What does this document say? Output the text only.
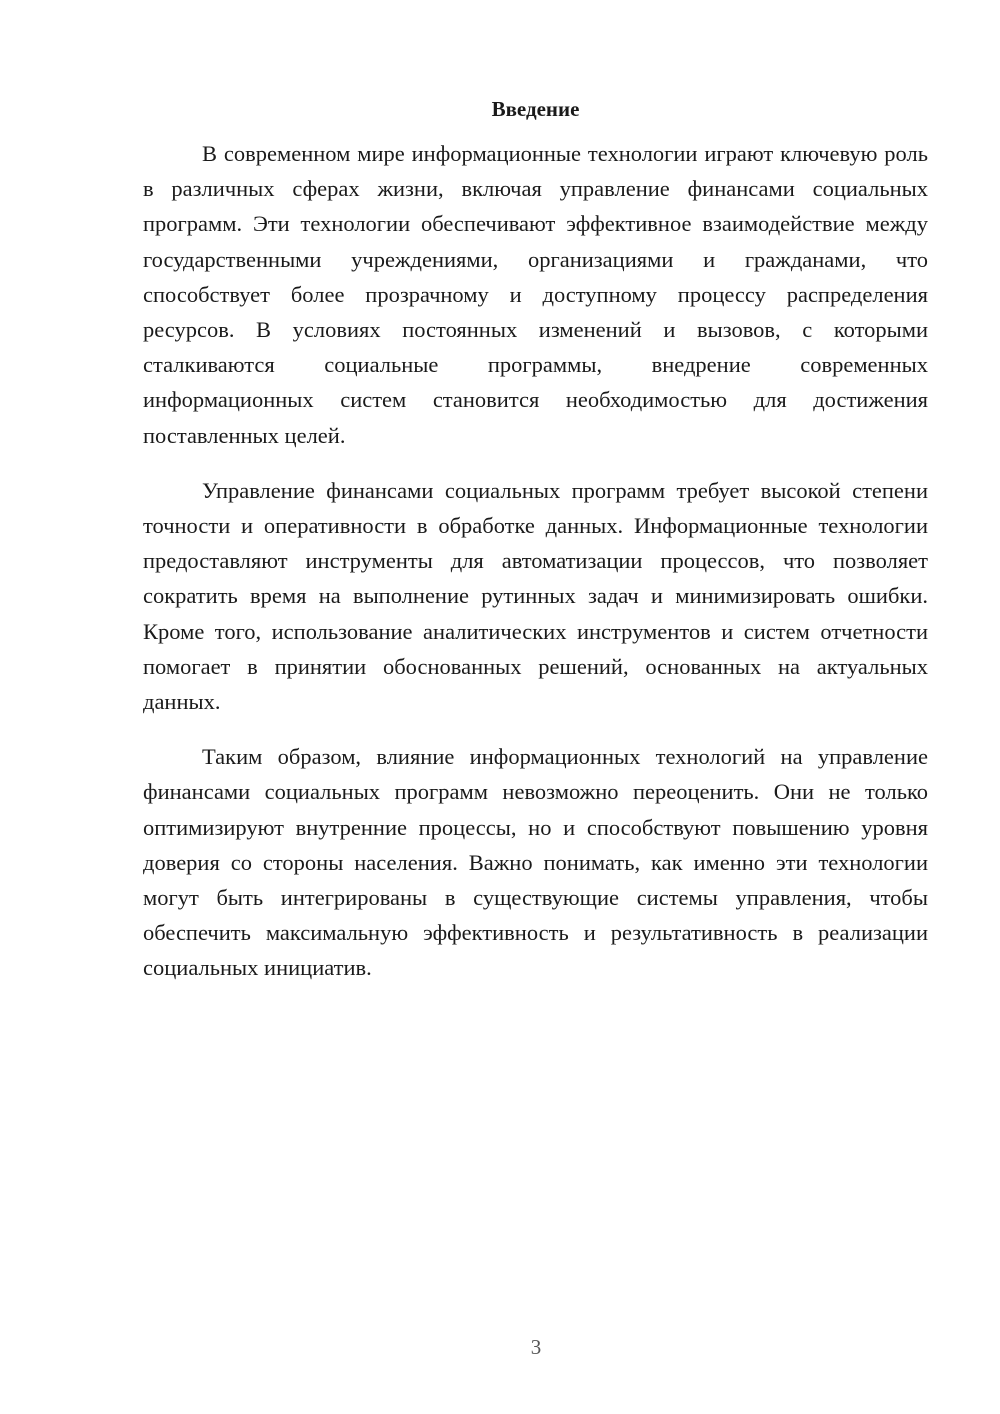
Введение

В современном мире информационные технологии играют ключевую роль в различных сферах жизни, включая управление финансами социальных программ. Эти технологии обеспечивают эффективное взаимодействие между государственными учреждениями, организациями и гражданами, что способствует более прозрачному и доступному процессу распределения ресурсов. В условиях постоянных изменений и вызовов, с которыми сталкиваются социальные программы, внедрение современных информационных систем становится необходимостью для достижения поставленных целей.

Управление финансами социальных программ требует высокой степени точности и оперативности в обработке данных. Информационные технологии предоставляют инструменты для автоматизации процессов, что позволяет сократить время на выполнение рутинных задач и минимизировать ошибки. Кроме того, использование аналитических инструментов и систем отчетности помогает в принятии обоснованных решений, основанных на актуальных данных.

Таким образом, влияние информационных технологий на управление финансами социальных программ невозможно переоценить. Они не только оптимизируют внутренние процессы, но и способствуют повышению уровня доверия со стороны населения. Важно понимать, как именно эти технологии могут быть интегрированы в существующие системы управления, чтобы обеспечить максимальную эффективность и результативность в реализации социальных инициатив.

3
